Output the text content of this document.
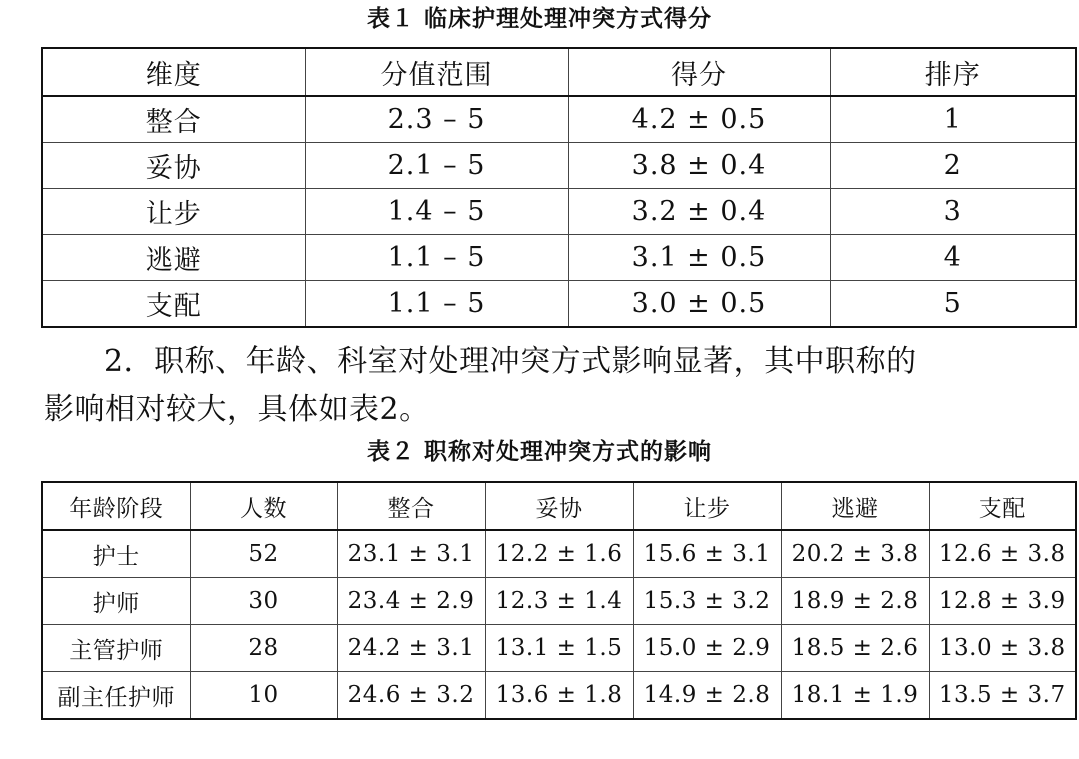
表１ 临床护理处理冲突方式得分
维度	分值范围	得分	排序
整合	2.3 – 5	4.2 ± 0.5	1
妥协	2.1 – 5	3.8 ± 0.4	2
让步	1.4 – 5	3.2 ± 0.4	3
逃避	1.1 – 5	3.1 ± 0.5	4
支配	1.1 – 5	3.0 ± 0.5	5
2．职称、年龄、科室对处理冲突方式影响显著，其中职称的
影响相对较大，具体如表2。
表２ 职称对处理冲突方式的影响
年龄阶段	人数	整合	妥协	让步	逃避	支配
护士	52	23.1 ± 3.1	12.2 ± 1.6	15.6 ± 3.1	20.2 ± 3.8	12.6 ± 3.8
护师	30	23.4 ± 2.9	12.3 ± 1.4	15.3 ± 3.2	18.9 ± 2.8	12.8 ± 3.9
主管护师	28	24.2 ± 3.1	13.1 ± 1.5	15.0 ± 2.9	18.5 ± 2.6	13.0 ± 3.8
副主任护师	10	24.6 ± 3.2	13.6 ± 1.8	14.9 ± 2.8	18.1 ± 1.9	13.5 ± 3.7
